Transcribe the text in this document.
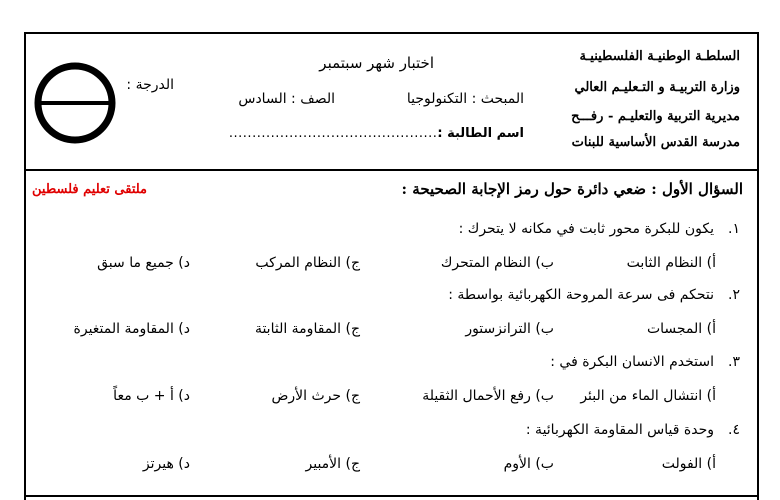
السلطـة الوطنيـة الفلسطينيـة
وزارة التربيـة و التـعليـم العالي
مديرية التربية والتعليـم - رفـــح
مدرسة القدس الأساسية للبنات
اختبار شهر سبتمبر
المبحث : التكنولوجيا
الصف : السادس
اسم الطالبة :
..............................................
الدرجة :
السؤال الأول : ضعي دائرة حول رمز الإجابة الصحيحة :
ملتقى تعليم فلسطين
١.
يكون للبكرة محور ثابت في مكانه لا يتحرك :
أ) النظام الثابت
ب) النظام المتحرك
ج) النظام المركب
د) جميع ما سبق
٢.
نتحكم فى سرعة المروحة الكهربائية بواسطة :
أ) المجسات
ب) الترانزستور
ج) المقاومة الثابتة
د) المقاومة المتغيرة
٣.
استخدم الانسان البكرة في :
أ) انتشال الماء من البئر
ب) رفع الأحمال الثقيلة
ج) حرث الأرض
د) أ + ب معاً
٤.
وحدة قياس المقاومة الكهربائية :
أ) الفولت
ب) الأوم
ج) الأمبير
د) هيرتز
